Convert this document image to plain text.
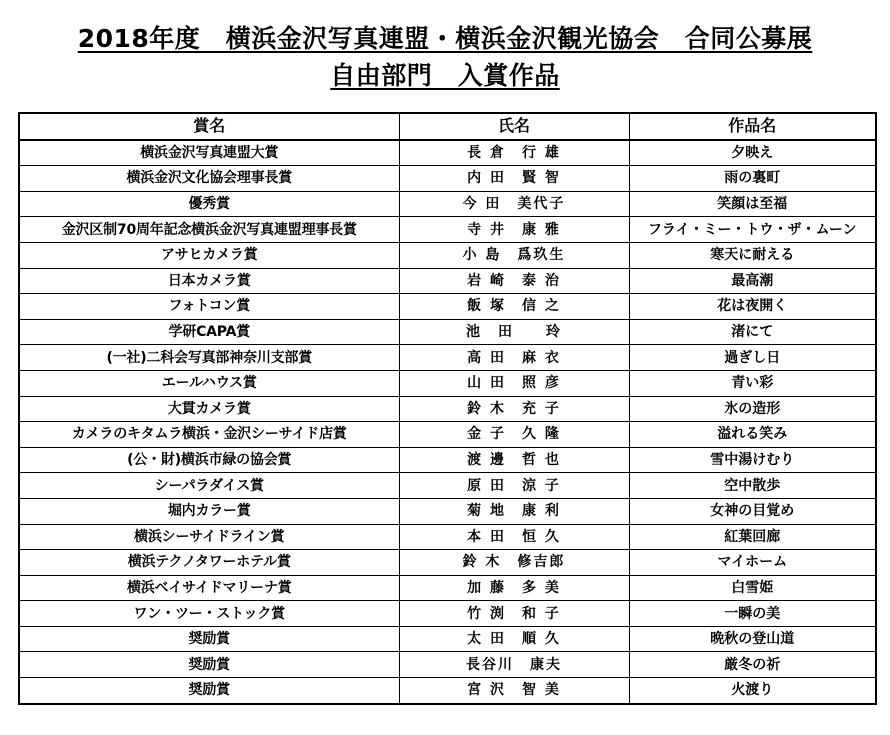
2018年度　横浜金沢写真連盟・横浜金沢観光協会　合同公募展
自由部門　入賞作品
賞名	氏名	作品名
横浜金沢写真連盟大賞	長 倉　行 雄	夕映え
横浜金沢文化協会理事長賞	内 田　賢 智	雨の裏町
優秀賞	今 田　美代子	笑顔は至福
金沢区制70周年記念横浜金沢写真連盟理事長賞	寺 井　康 雅	フライ・ミー・トウ・ザ・ムーン
アサヒカメラ賞	小 島　爲玖生	寒天に耐える
日本カメラ賞	岩 崎　泰 治	最高潮
フォトコン賞	飯 塚　信 之	花は夜開く
学研CAPA賞	池　田　　玲	渚にて
(一社)二科会写真部神奈川支部賞	高 田　麻 衣	過ぎし日
エールハウス賞	山 田　照 彦	青い彩
大貫カメラ賞	鈴 木　充 子	氷の造形
カメラのキタムラ横浜・金沢シーサイド店賞	金 子　久 隆	溢れる笑み
(公・財)横浜市緑の協会賞	渡 邊　哲 也	雪中湯けむり
シーパラダイス賞	原 田　涼 子	空中散歩
堀内カラー賞	菊 地　康 利	女神の目覚め
横浜シーサイドライン賞	本 田　恒 久	紅葉回廊
横浜テクノタワーホテル賞	鈴 木　修吉郎	マイホーム
横浜ベイサイドマリーナ賞	加 藤　多 美	白雪姫
ワン・ツー・ストック賞	竹 渕　和 子	一瞬の美
奨励賞	太 田　順 久	晩秋の登山道
奨励賞	長谷川　康夫	厳冬の祈
奨励賞	宮 沢　智 美	火渡り
